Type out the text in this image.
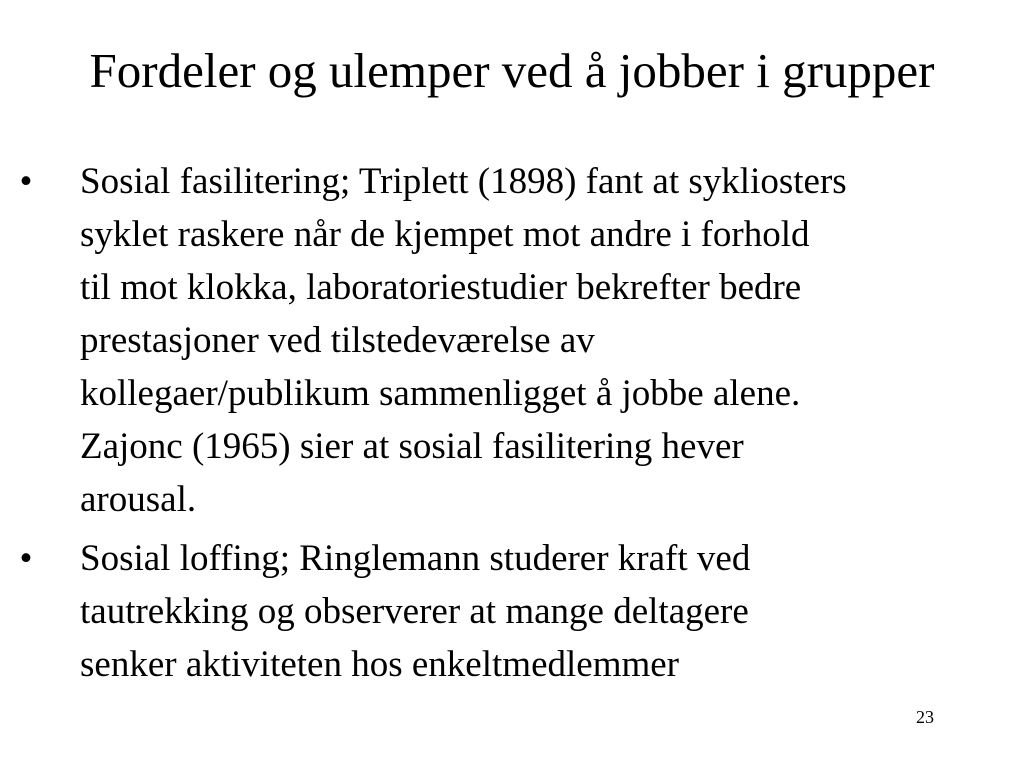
Fordeler og ulemper ved å jobber i grupper
• Sosial fasilitering; Triplett (1898) fant at sykliosters
syklet raskere når de kjempet mot andre i forhold
til mot klokka, laboratoriestudier bekrefter bedre
prestasjoner ved tilstedeværelse av
kollegaer/publikum sammenligget å jobbe alene.
Zajonc (1965) sier at sosial fasilitering hever
arousal.
• Sosial loffing; Ringlemann studerer kraft ved
tautrekking og observerer at mange deltagere
senker aktiviteten hos enkeltmedlemmer
23
